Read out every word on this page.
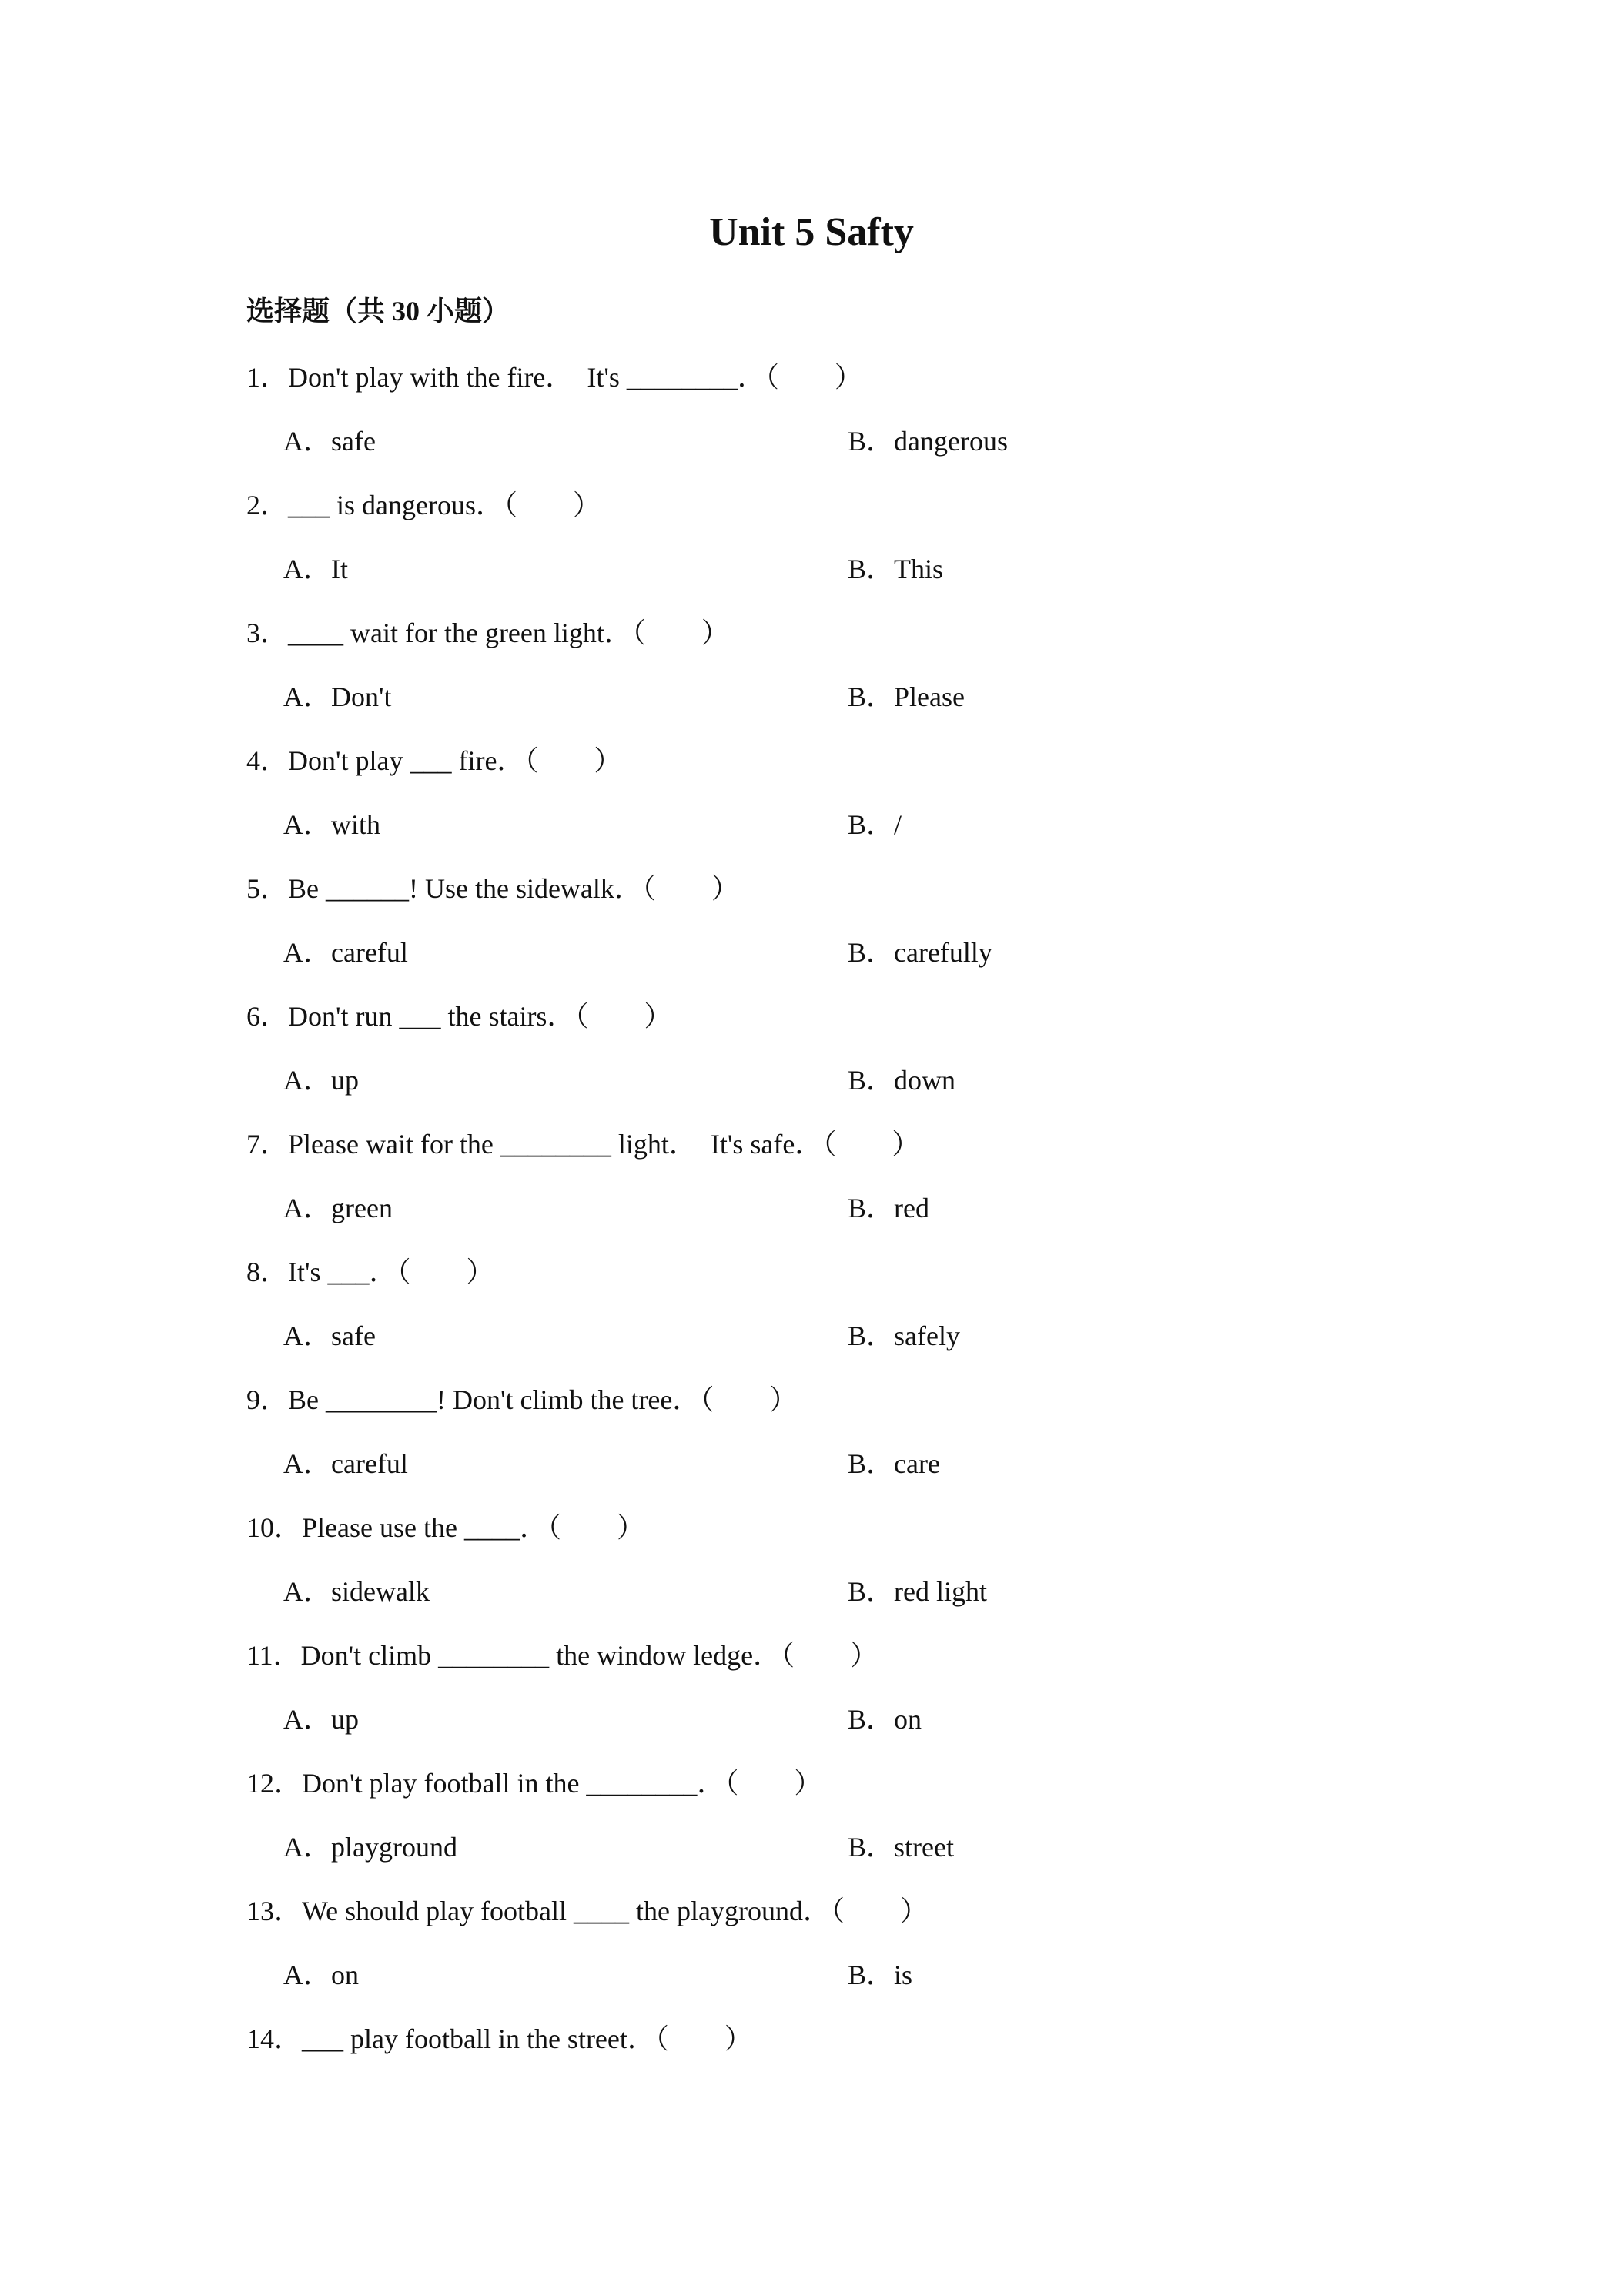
Unit 5 Safty
选择题（共 30 小题）
1．Don't play with the fire．  It's ________．（　　）
A．safe	B．dangerous
2．___ is dangerous．（　　）
A．It	B．This
3．____ wait for the green light．（　　）
A．Don't	B．Please
4．Don't play ___ fire．（　　）
A．with	B．/
5．Be ______! Use the sidewalk．（　　）
A．careful	B．carefully
6．Don't run ___ the stairs．（　　）
A．up	B．down
7．Please wait for the ________ light．  It's safe．（　　）
A．green	B．red
8．It's ___．（　　）
A．safe	B．safely
9．Be ________! Don't climb the tree．（　　）
A．careful	B．care
10．Please use the ____．（　　）
A．sidewalk	B．red light
11．Don't climb ________ the window ledge．（　　）
A．up	B．on
12．Don't play football in the ________．（　　）
A．playground	B．street
13．We should play football ____ the playground．（　　）
A．on	B．is
14．___ play football in the street．（　　）
